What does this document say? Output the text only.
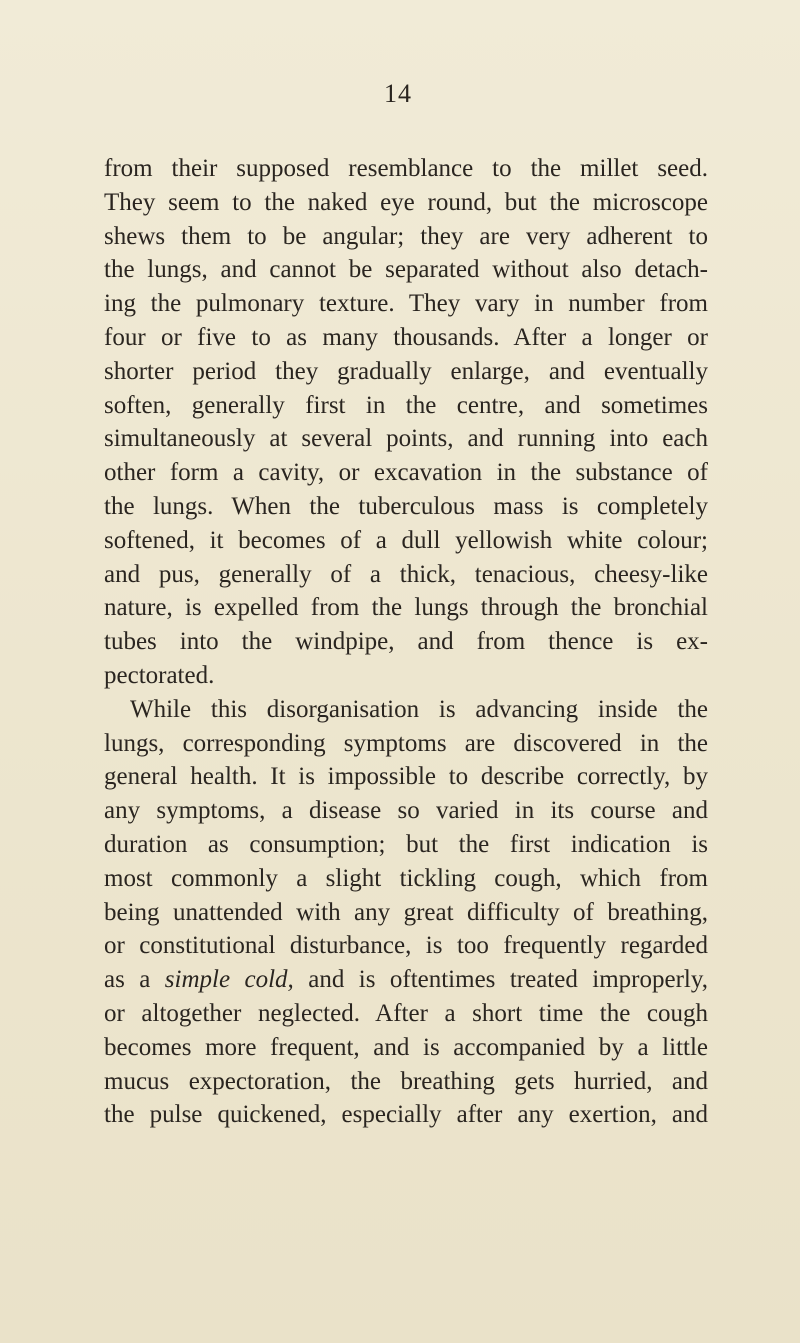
14
from their supposed resemblance to the millet seed.
They seem to the naked eye round, but the microscope
shews them to be angular; they are very adherent to
the lungs, and cannot be separated without also detach-
ing the pulmonary texture. They vary in number from
four or five to as many thousands. After a longer or
shorter period they gradually enlarge, and eventually
soften, generally first in the centre, and sometimes
simultaneously at several points, and running into each
other form a cavity, or excavation in the substance of
the lungs. When the tuberculous mass is completely
softened, it becomes of a dull yellowish white colour;
and pus, generally of a thick, tenacious, cheesy-like
nature, is expelled from the lungs through the bronchial
tubes into the windpipe, and from thence is ex-
pectorated.
While this disorganisation is advancing inside the
lungs, corresponding symptoms are discovered in the
general health. It is impossible to describe correctly, by
any symptoms, a disease so varied in its course and
duration as consumption; but the first indication is
most commonly a slight tickling cough, which from
being unattended with any great difficulty of breathing,
or constitutional disturbance, is too frequently regarded
as a simple cold, and is oftentimes treated improperly,
or altogether neglected. After a short time the cough
becomes more frequent, and is accompanied by a little
mucus expectoration, the breathing gets hurried, and
the pulse quickened, especially after any exertion, and
